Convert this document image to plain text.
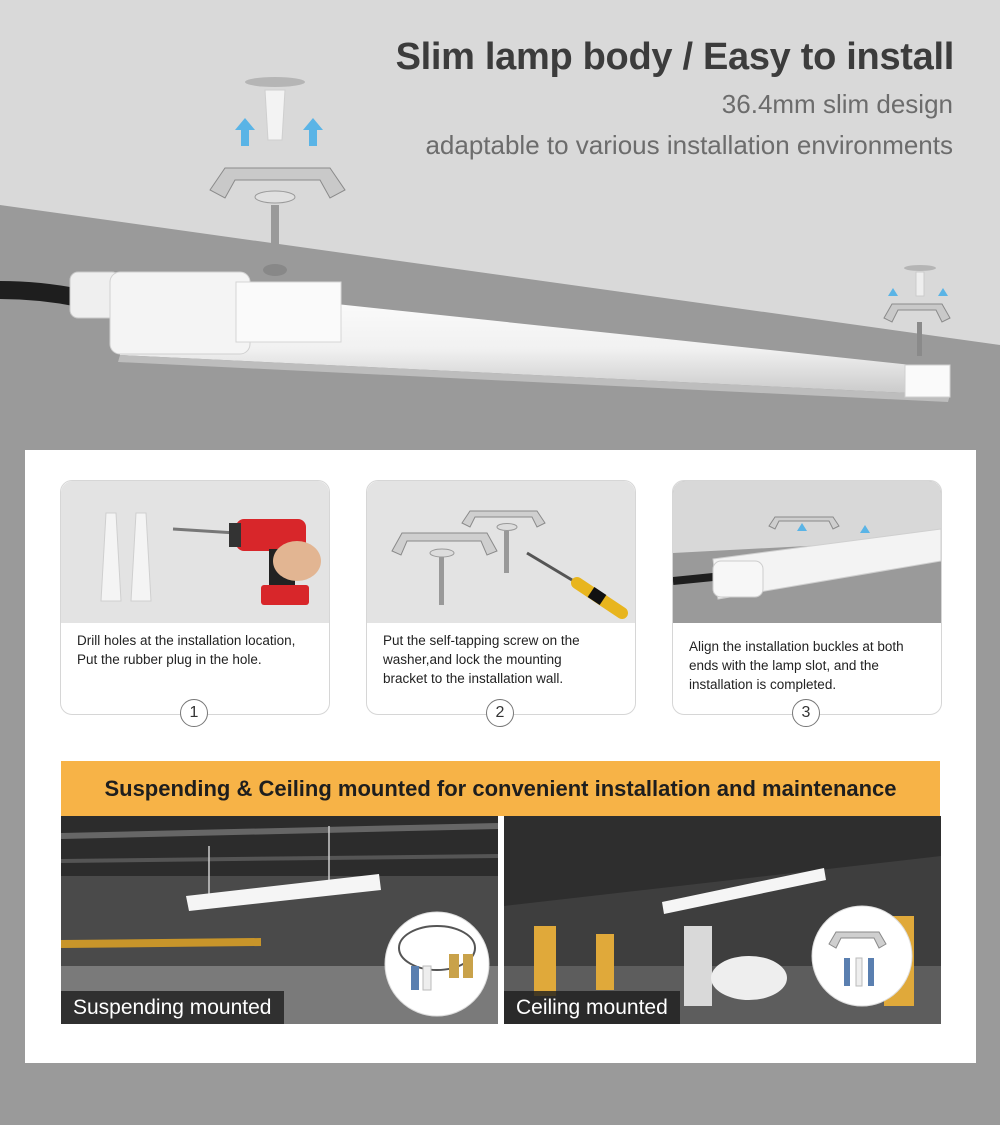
Slim lamp body / Easy to install

36.4mm slim design

adaptable to various installation environments

Drill holes at the installation location,
Put the rubber plug in the hole.

1

Put the self-tapping screw on the
washer,and lock the mounting
bracket to the installation wall.

2

Align the installation buckles at both
ends with the lamp slot, and the
installation is completed.

3

Suspending & Ceiling mounted for convenient installation and maintenance

Suspending mounted	Ceiling mounted
